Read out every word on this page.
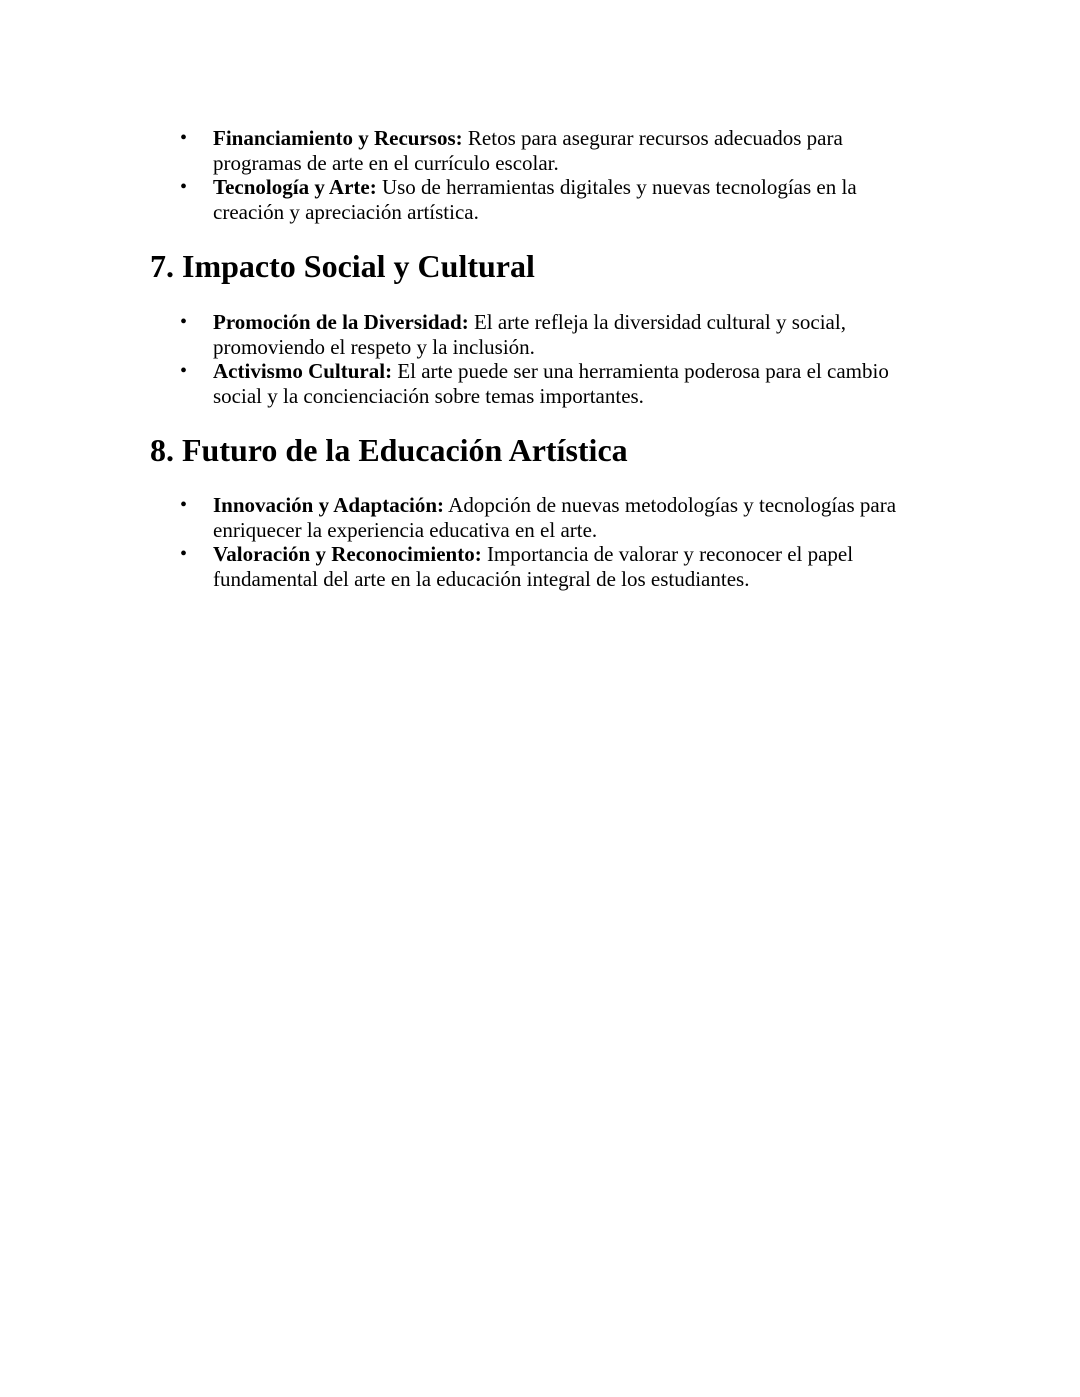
• Financiamiento y Recursos: Retos para asegurar recursos adecuados para programas de arte en el currículo escolar.
• Tecnología y Arte: Uso de herramientas digitales y nuevas tecnologías en la creación y apreciación artística.
7. Impacto Social y Cultural
• Promoción de la Diversidad: El arte refleja la diversidad cultural y social, promoviendo el respeto y la inclusión.
• Activismo Cultural: El arte puede ser una herramienta poderosa para el cambio social y la concienciación sobre temas importantes.
8. Futuro de la Educación Artística
• Innovación y Adaptación: Adopción de nuevas metodologías y tecnologías para enriquecer la experiencia educativa en el arte.
• Valoración y Reconocimiento: Importancia de valorar y reconocer el papel fundamental del arte en la educación integral de los estudiantes.
